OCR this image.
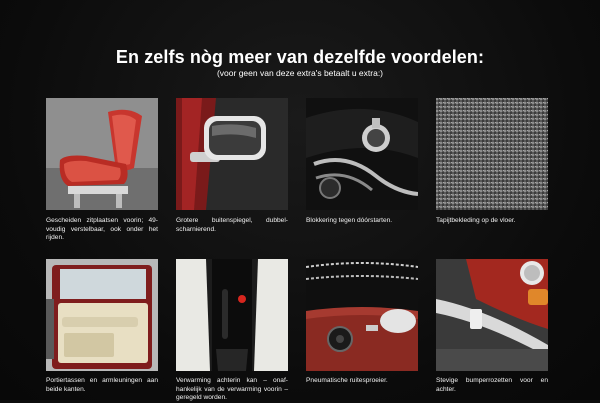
En zelfs nòg meer van dezelfde voordelen:

(voor geen van deze extra's betaalt u extra:)

Gescheiden zitplaatsen voorin; 49-voudig verstelbaar, ook onder het rijden.

Grotere buitenspiegel, dubbel-scharnierend.

Blokkering tegen dóórstarten.	Tapijtbekleding op de vloer.

Portiertassen en armleuningen aan beide kanten.

Verwarming achterin kan – onaf-hankelijk van de verwarming voorin – geregeld worden.

Pneumatische ruitesproeier.	Stevige bumperrozetten voor en achter.
